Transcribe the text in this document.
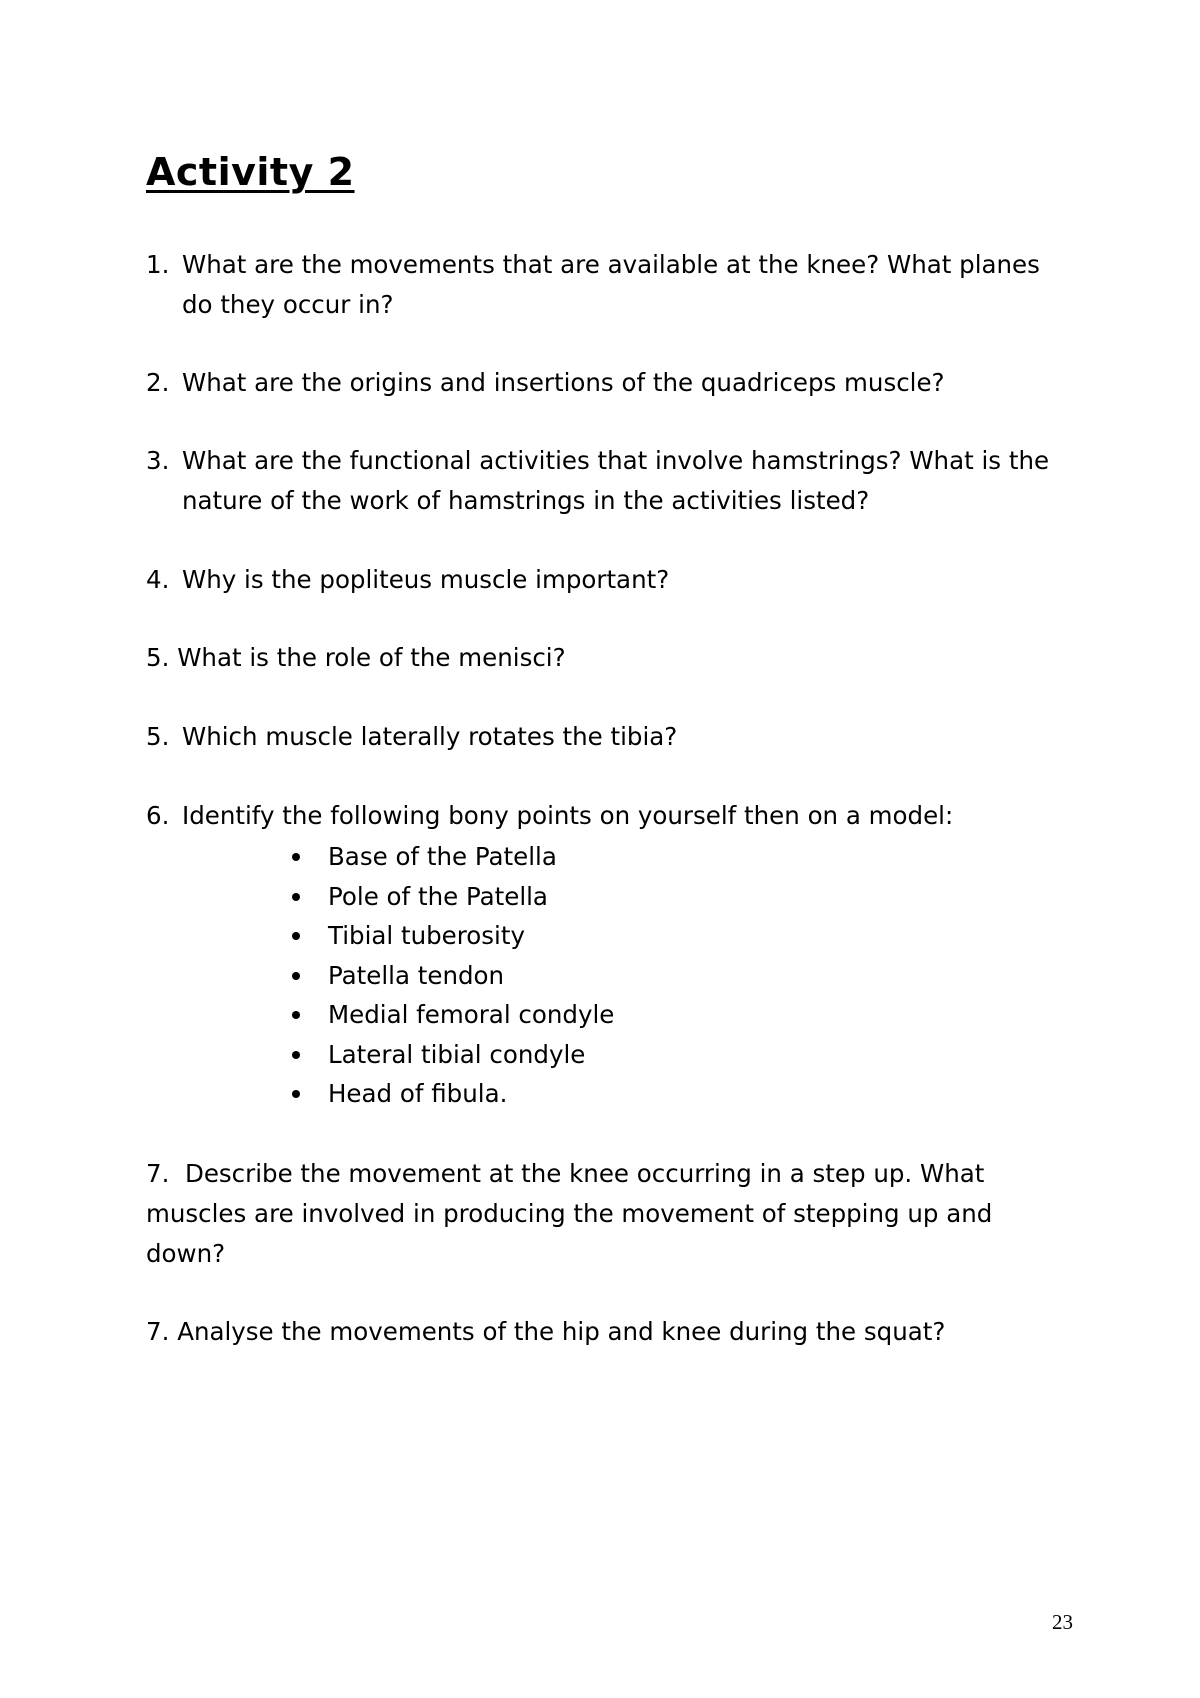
Activity 2
1. What are the movements that are available at the knee? What planes do they occur in?
2. What are the origins and insertions of the quadriceps muscle?
3. What are the functional activities that involve hamstrings? What is the nature of the work of hamstrings in the activities listed?
4. Why is the popliteus muscle important?
5. What is the role of the menisci?
5. Which muscle laterally rotates the tibia?
6. Identify the following bony points on yourself then on a model:
Base of the Patella
Pole of the Patella
Tibial tuberosity
Patella tendon
Medial femoral condyle
Lateral tibial condyle
Head of fibula.
7. Describe the movement at the knee occurring in a step up. What muscles are involved in producing the movement of stepping up and down?
7. Analyse the movements of the hip and knee during the squat?
23
